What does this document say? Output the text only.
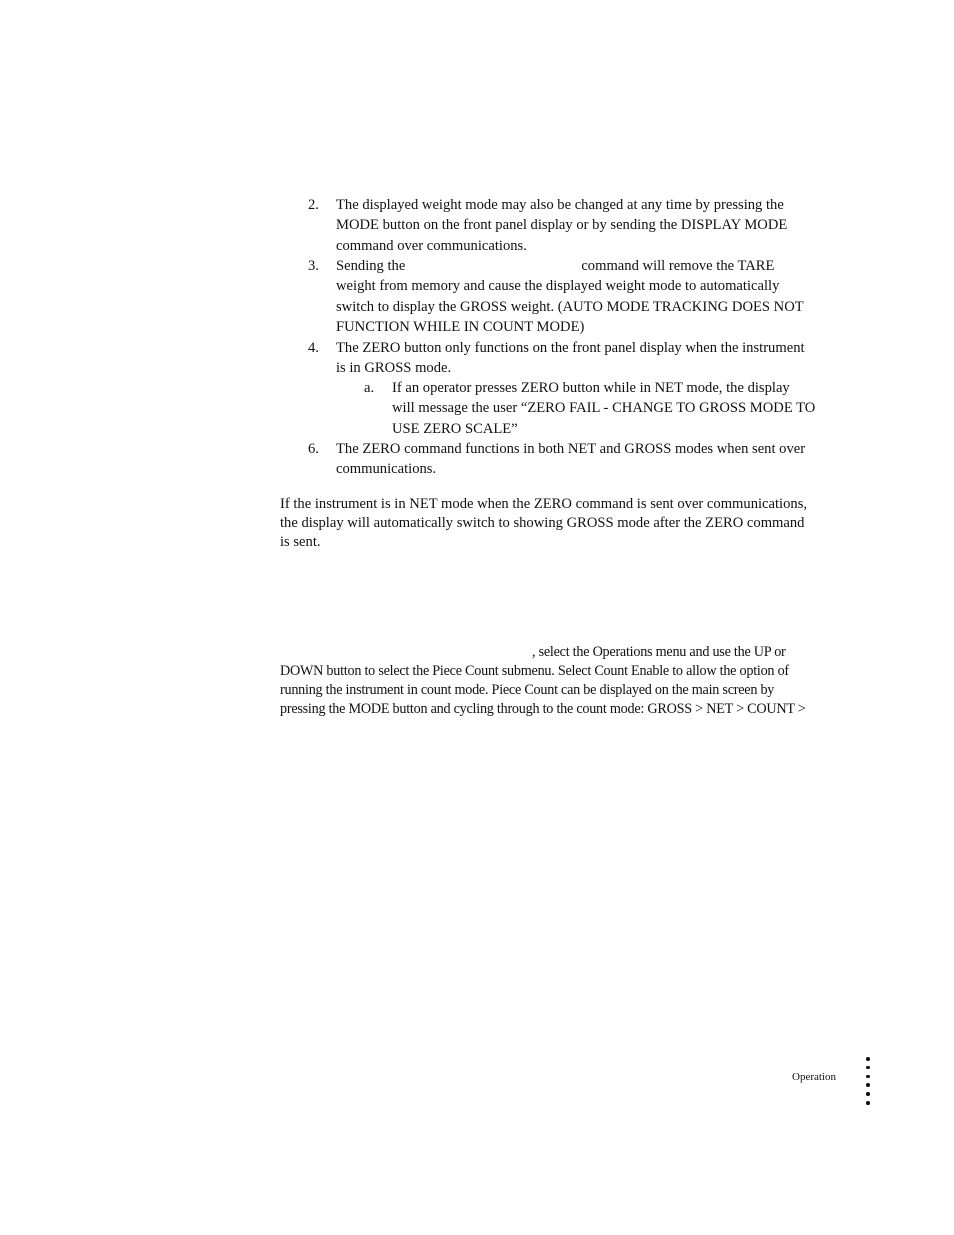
2. The displayed weight mode may also be changed at any time by pressing the MODE button on the front panel display or by sending the DISPLAY MODE command over communications.
3. Sending the	command will remove the TARE weight from memory and cause the displayed weight mode to automatically switch to display the GROSS weight. (AUTO MODE TRACKING DOES NOT FUNCTION WHILE IN COUNT MODE)
4. The ZERO button only functions on the front panel display when the instrument is in GROSS mode.
a. If an operator presses ZERO button while in NET mode, the display will message the user “ZERO FAIL - CHANGE TO GROSS MODE TO USE ZERO SCALE”
6. The ZERO command functions in both NET and GROSS modes when sent over communications.
If the instrument is in NET mode when the ZERO command is sent over communications, the display will automatically switch to showing GROSS mode after the ZERO command is sent.
, select the Operations menu and use the UP or DOWN button to select the Piece Count submenu. Select Count Enable to allow the option of running the instrument in count mode. Piece Count can be displayed on the main screen by pressing the MODE button and cycling through to the count mode: GROSS > NET > COUNT >
Operation
